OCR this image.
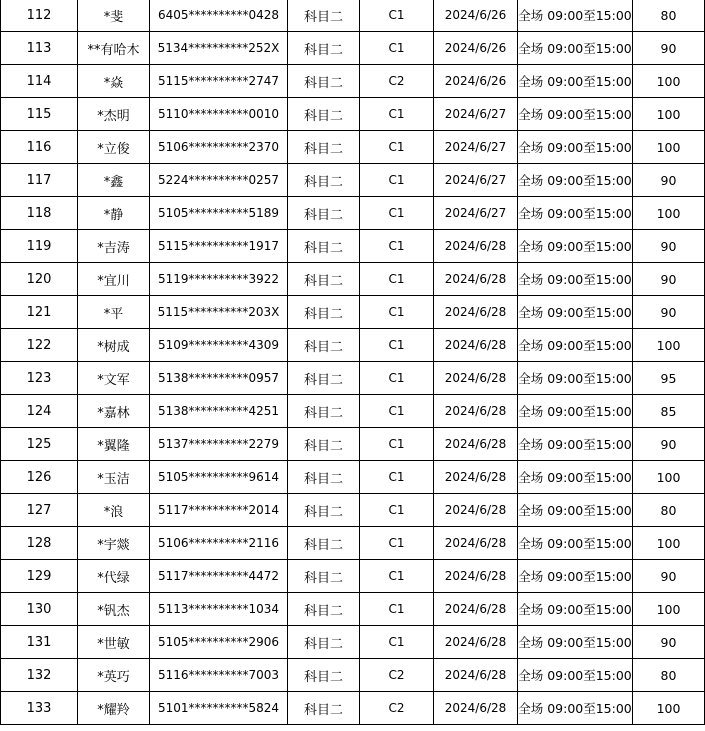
112	*斐	6405**********0428	科目二	C1	2024/6/26	全场 09:00至15:00	80
113	**有哈木	5134**********252X	科目二	C1	2024/6/26	全场 09:00至15:00	90
114	*焱	5115**********2747	科目二	C2	2024/6/26	全场 09:00至15:00	100
115	*杰明	5110**********0010	科目二	C1	2024/6/27	全场 09:00至15:00	100
116	*立俊	5106**********2370	科目二	C1	2024/6/27	全场 09:00至15:00	100
117	*鑫	5224**********0257	科目二	C1	2024/6/27	全场 09:00至15:00	90
118	*静	5105**********5189	科目二	C1	2024/6/27	全场 09:00至15:00	100
119	*吉涛	5115**********1917	科目二	C1	2024/6/28	全场 09:00至15:00	90
120	*宜川	5119**********3922	科目二	C1	2024/6/28	全场 09:00至15:00	90
121	*平	5115**********203X	科目二	C1	2024/6/28	全场 09:00至15:00	90
122	*树成	5109**********4309	科目二	C1	2024/6/28	全场 09:00至15:00	100
123	*文军	5138**********0957	科目二	C1	2024/6/28	全场 09:00至15:00	95
124	*嘉林	5138**********4251	科目二	C1	2024/6/28	全场 09:00至15:00	85
125	*翼隆	5137**********2279	科目二	C1	2024/6/28	全场 09:00至15:00	90
126	*玉洁	5105**********9614	科目二	C1	2024/6/28	全场 09:00至15:00	100
127	*浪	5117**********2014	科目二	C1	2024/6/28	全场 09:00至15:00	80
128	*宇燚	5106**********2116	科目二	C1	2024/6/28	全场 09:00至15:00	100
129	*代绿	5117**********4472	科目二	C1	2024/6/28	全场 09:00至15:00	90
130	*钒杰	5113**********1034	科目二	C1	2024/6/28	全场 09:00至15:00	100
131	*世敏	5105**********2906	科目二	C1	2024/6/28	全场 09:00至15:00	90
132	*英巧	5116**********7003	科目二	C2	2024/6/28	全场 09:00至15:00	80
133	*耀羚	5101**********5824	科目二	C2	2024/6/28	全场 09:00至15:00	100
